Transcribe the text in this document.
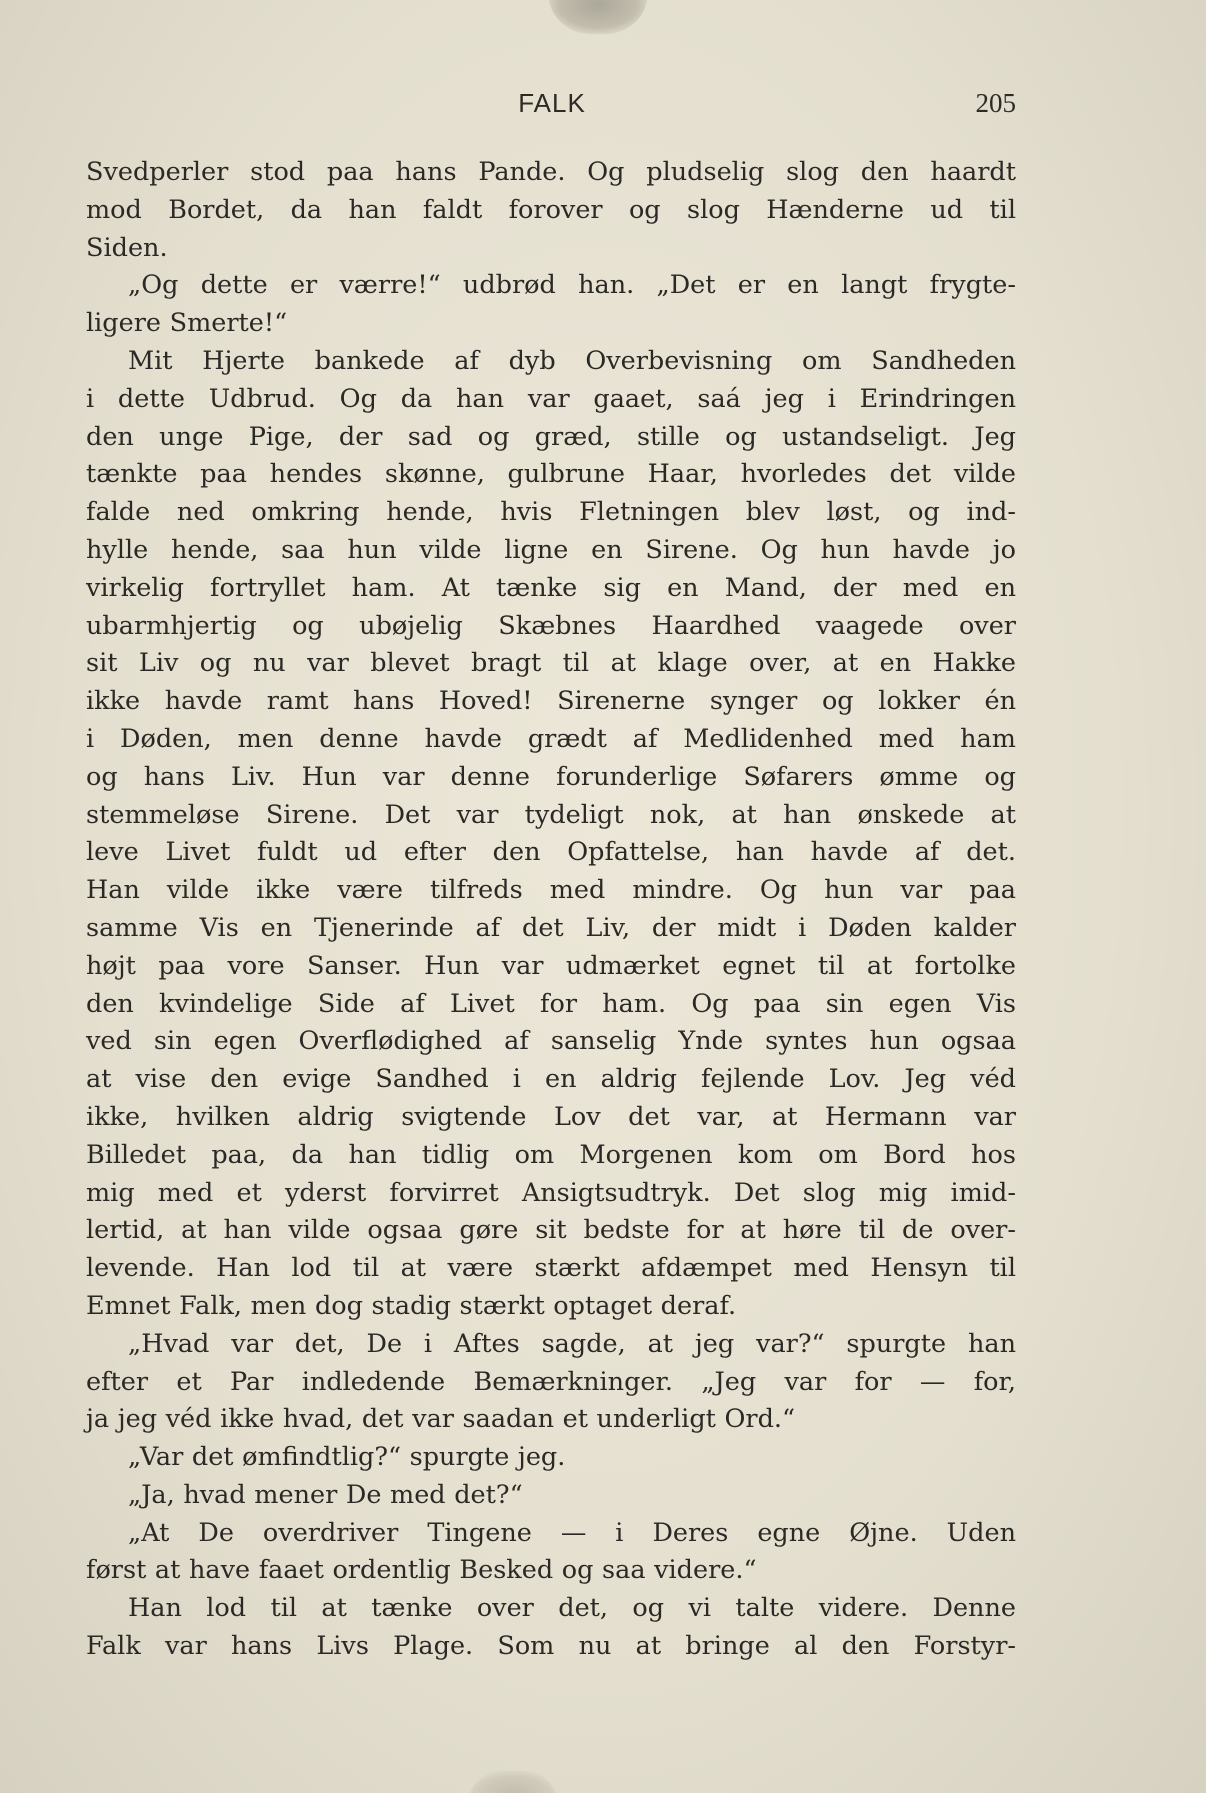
FALK	205
Svedperler stod paa hans Pande. Og pludselig slog den haardt
mod Bordet, da han faldt forover og slog Hænderne ud til
Siden.
„Og dette er værre!“ udbrød han. „Det er en langt frygte-
ligere Smerte!“
Mit Hjerte bankede af dyb Overbevisning om Sandheden
i dette Udbrud. Og da han var gaaet, saá jeg i Erindringen
den unge Pige, der sad og græd, stille og ustandseligt. Jeg
tænkte paa hendes skønne, gulbrune Haar, hvorledes det vilde
falde ned omkring hende, hvis Fletningen blev løst, og ind-
hylle hende, saa hun vilde ligne en Sirene. Og hun havde jo
virkelig fortryllet ham. At tænke sig en Mand, der med en
ubarmhjertig og ubøjelig Skæbnes Haardhed vaagede over
sit Liv og nu var blevet bragt til at klage over, at en Hakke
ikke havde ramt hans Hoved! Sirenerne synger og lokker én
i Døden, men denne havde grædt af Medlidenhed med ham
og hans Liv. Hun var denne forunderlige Søfarers ømme og
stemmeløse Sirene. Det var tydeligt nok, at han ønskede at
leve Livet fuldt ud efter den Opfattelse, han havde af det.
Han vilde ikke være tilfreds med mindre. Og hun var paa
samme Vis en Tjenerinde af det Liv, der midt i Døden kalder
højt paa vore Sanser. Hun var udmærket egnet til at fortolke
den kvindelige Side af Livet for ham. Og paa sin egen Vis
ved sin egen Overflødighed af sanselig Ynde syntes hun ogsaa
at vise den evige Sandhed i en aldrig fejlende Lov. Jeg véd
ikke, hvilken aldrig svigtende Lov det var, at Hermann var
Billedet paa, da han tidlig om Morgenen kom om Bord hos
mig med et yderst forvirret Ansigtsudtryk. Det slog mig imid-
lertid, at han vilde ogsaa gøre sit bedste for at høre til de over-
levende. Han lod til at være stærkt afdæmpet med Hensyn til
Emnet Falk, men dog stadig stærkt optaget deraf.
„Hvad var det, De i Aftes sagde, at jeg var?“ spurgte han
efter et Par indledende Bemærkninger. „Jeg var for — for,
ja jeg véd ikke hvad, det var saadan et underligt Ord.“
„Var det ømfindtlig?“ spurgte jeg.
„Ja, hvad mener De med det?“
„At De overdriver Tingene — i Deres egne Øjne. Uden
først at have faaet ordentlig Besked og saa videre.“
Han lod til at tænke over det, og vi talte videre. Denne
Falk var hans Livs Plage. Som nu at bringe al den Forstyr-
